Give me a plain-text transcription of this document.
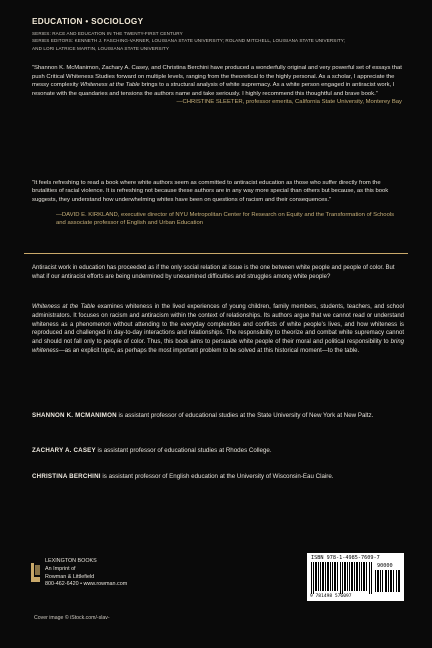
EDUCATION • SOCIOLOGY
SERIES: RACE AND EDUCATION IN THE TWENTY-FIRST CENTURY
SERIES EDITORS: KENNETH J. FASCHING-VARNER, LOUISIANA STATE UNIVERSITY; ROLAND MITCHELL, LOUISIANA STATE UNIVERSITY;
AND LORI LATRICE MARTIN, LOUISIANA STATE UNIVERSITY

“Shannon K. McManimon, Zachary A. Casey, and Christina Berchini have produced a wonderfully original and very powerful set of essays that push Critical Whiteness Studies forward on multiple levels, ranging from the theoretical to the highly personal. As a scholar, I appreciate the messy complexity Whiteness at the Table brings to a structural analysis of white supremacy. As a white person engaged in antiracist work, I resonate with the quandaries and tensions the authors name and take seriously. I highly recommend this thoughtful and brave book.”

—CHRISTINE SLEETER, professor emerita, California State University, Monterey Bay

“It feels refreshing to read a book where white authors seem as committed to antiracist education as those who suffer directly from the brutalities of racial violence. It is refreshing not because these authors are in any way more special than others but because, as this book suggests, they understand how underwhelming whites have been on questions of racism and their consequences.”

—DAVID E. KIRKLAND, executive director of NYU Metropolitan Center for Research on Equity and the Transformation of Schools and associate professor of English and Urban Education

Antiracist work in education has proceeded as if the only social relation at issue is the one between white people and people of color. But what if our antiracist efforts are being undermined by unexamined difficulties and struggles among white people?
Whiteness at the Table examines whiteness in the lived experiences of young children, family members, students, teachers, and school administrators. It focuses on racism and antiracism within the context of relationships. Its authors argue that we cannot read or understand whiteness as a phenomenon without attending to the everyday complexities and conflicts of white people’s lives, and how whiteness is reproduced and challenged in day-to-day interactions and relationships. The responsibility to theorize and combat white supremacy cannot and should not fall only to people of color. Thus, this book aims to persuade white people of their moral and political responsibility to bring whiteness—as an explicit topic, as perhaps the most important problem to be solved at this historical moment—to the table.
SHANNON K. MCMANIMON is assistant professor of educational studies at the State University of New York at New Paltz.
ZACHARY A. CASEY is assistant professor of educational studies at Rhodes College.
CHRISTINA BERCHINI is assistant professor of English education at the University of Wisconsin-Eau Claire.
LEXINGTON BOOKS
An Imprint of
Rowman & Littlefield
800-462-6420 • www.rowman.com
ISBN 978-1-4985-7609-7
90000
9 781498 576097
Cover image © iStock.com/-slav-
